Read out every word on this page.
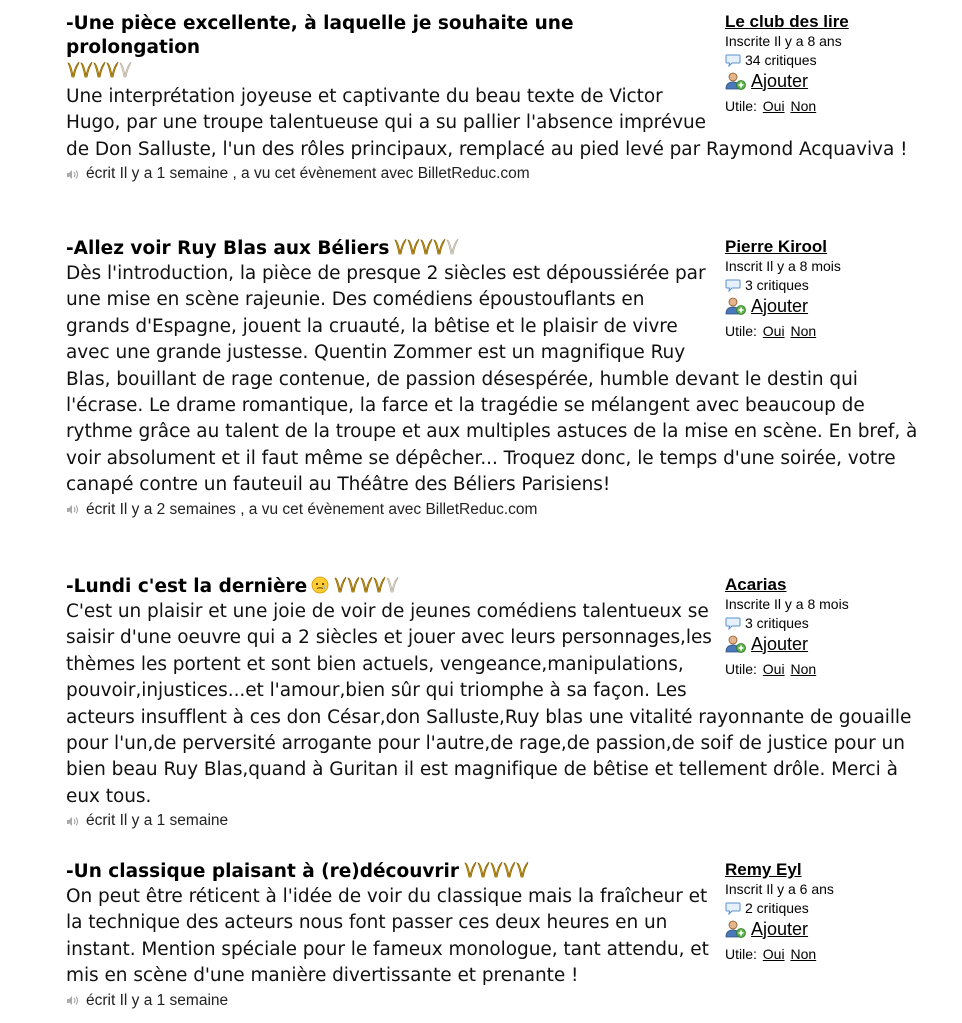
Le club des lire
Inscrite Il y a 8 ans
34 critiques
Ajouter
Utile: Oui Non
-Une pièce excellente, à laquelle je souhaite une prolongation

Une interprétation joyeuse et captivante du beau texte de Victor Hugo, par une troupe talentueuse qui a su pallier l'absence imprévue de Don Salluste, l'un des rôles principaux, remplacé au pied levé par Raymond Acquaviva !
écrit Il y a 1 semaine , a vu cet évènement avec BilletReduc.com
Pierre Kirool
Inscrit Il y a 8 mois
3 critiques
Ajouter
Utile: Oui Non
-Allez voir Ruy Blas aux Béliers
Dès l'introduction, la pièce de presque 2 siècles est dépoussiérée par une mise en scène rajeunie. Des comédiens époustouflants en grands d'Espagne, jouent la cruauté, la bêtise et le plaisir de vivre avec une grande justesse. Quentin Zommer est un magnifique Ruy Blas, bouillant de rage contenue, de passion désespérée, humble devant le destin qui l'écrase. Le drame romantique, la farce et la tragédie se mélangent avec beaucoup de rythme grâce au talent de la troupe et aux multiples astuces de la mise en scène. En bref, à voir absolument et il faut même se dépêcher... Troquez donc, le temps d'une soirée, votre canapé contre un fauteuil au Théâtre des Béliers Parisiens!
écrit Il y a 2 semaines , a vu cet évènement avec BilletReduc.com
Acarias
Inscrite Il y a 8 mois
3 critiques
Ajouter
Utile: Oui Non
-Lundi c'est la dernière
C'est un plaisir et une joie de voir de jeunes comédiens talentueux se saisir d'une oeuvre qui a 2 siècles et jouer avec leurs personnages,les thèmes les portent et sont bien actuels, vengeance,manipulations, pouvoir,injustices...et l'amour,bien sûr qui triomphe à sa façon. Les acteurs insufflent à ces don César,don Salluste,Ruy blas une vitalité rayonnante de gouaille pour l'un,de perversité arrogante pour l'autre,de rage,de passion,de soif de justice pour un bien beau Ruy Blas,quand à Guritan il est magnifique de bêtise et tellement drôle. Merci à eux tous.
écrit Il y a 1 semaine
Remy Eyl
Inscrit Il y a 6 ans
2 critiques
Ajouter
Utile: Oui Non
-Un classique plaisant à (re)découvrir
On peut être réticent à l'idée de voir du classique mais la fraîcheur et la technique des acteurs nous font passer ces deux heures en un instant. Mention spéciale pour le fameux monologue, tant attendu, et mis en scène d'une manière divertissante et prenante !
écrit Il y a 1 semaine
